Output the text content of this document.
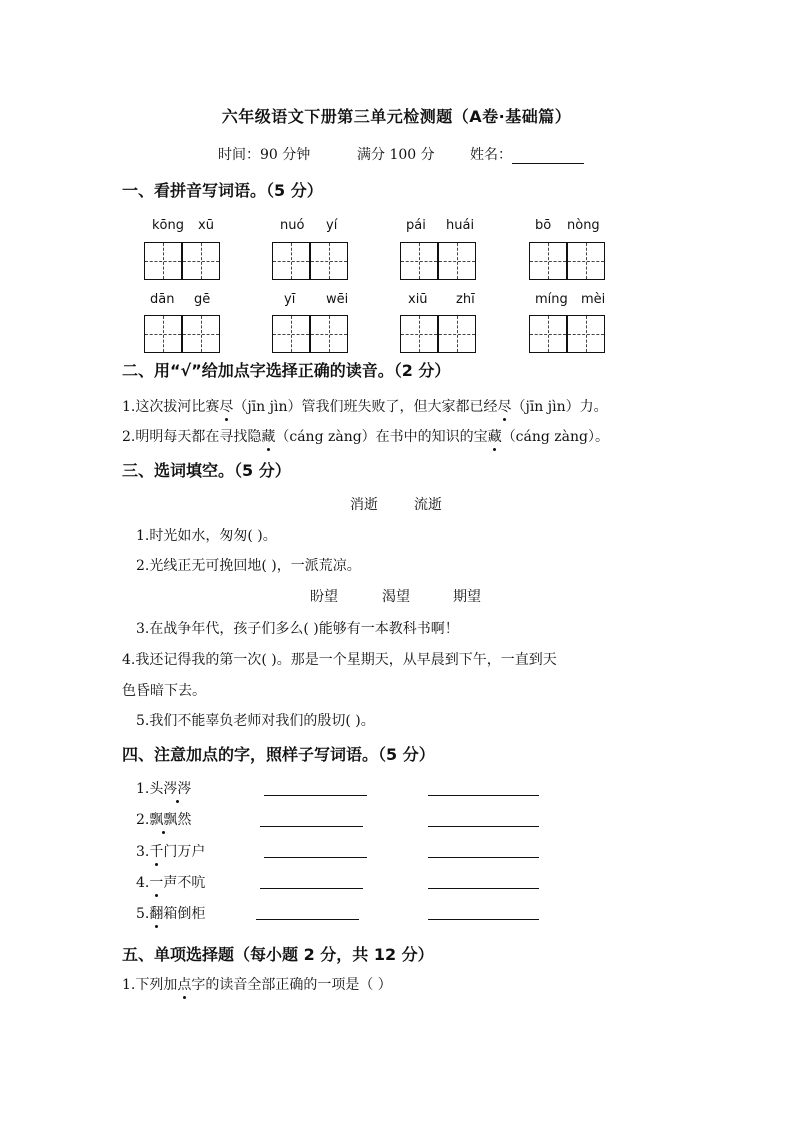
六年级语文下册第三单元检测题（A卷·基础篇）
时间：90 分钟	满分 100 分	姓名：
一、看拼音写词语。（5 分）
kōng xū	nuó yí	pái huái	bō nòng
dān gē	yī wēi	xiū zhī	míng mèi
二、用“√”给加点字选择正确的读音。（2 分）
1.这次拔河比赛尽（jīn jìn）管我们班失败了，但大家都已经尽（jīn jìn）力。
2.明明每天都在寻找隐藏（cáng zàng）在书中的知识的宝藏（cáng zàng）。
三、选词填空。（5 分）
消逝	流逝
1.时光如水，匆匆( )。
2.光线正无可挽回地( )，一派荒凉。
盼望	渴望	期望
3.在战争年代，孩子们多么( )能够有一本教科书啊！
4.我还记得我的第一次( )。那是一个星期天，从早晨到下午，一直到天
色昏暗下去。
5.我们不能辜负老师对我们的殷切( )。
四、注意加点的字，照样子写词语。（5 分）
1.头涔涔
2.飘飘然
3.千门万户
4.一声不吭
5.翻箱倒柜
五、单项选择题（每小题 2 分，共 12 分）
1.下列加点字的读音全部正确的一项是（ ）
